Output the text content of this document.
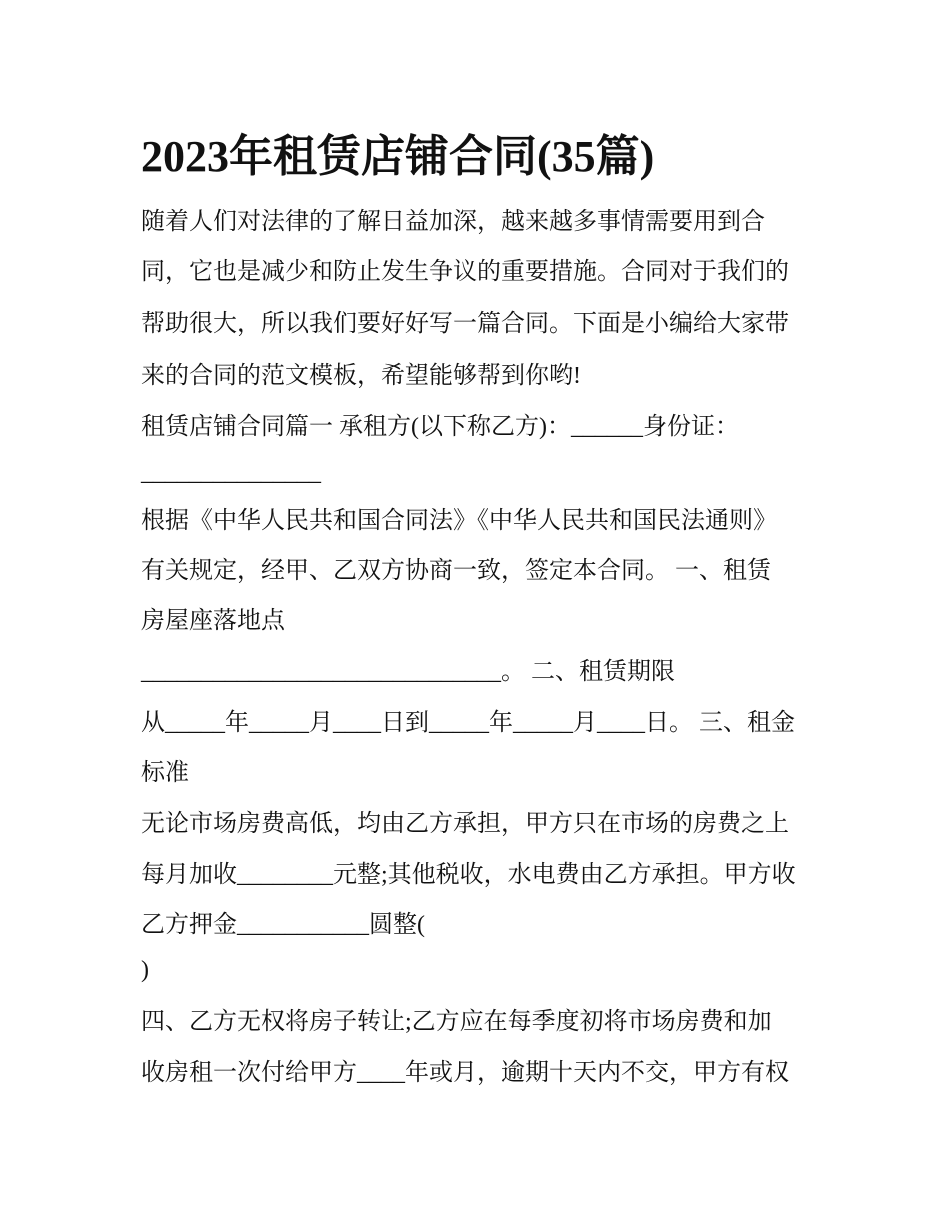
2023年租赁店铺合同(35篇)
随着人们对法律的了解日益加深，越来越多事情需要用到合
同，它也是减少和防止发生争议的重要措施。合同对于我们的
帮助很大，所以我们要好好写一篇合同。下面是小编给大家带
来的合同的范文模板，希望能够帮到你哟!
租赁店铺合同篇一 承租方(以下称乙方)：______身份证：
_______________
根据《中华人民共和国合同法》《中华人民共和国民法通则》
有关规定，经甲、乙双方协商一致，签定本合同。 一、租赁
房屋座落地点
______________________________。 二、租赁期限
从_____年_____月____日到_____年_____月____日。 三、租金
标准
无论市场房费高低，均由乙方承担，甲方只在市场的房费之上
每月加收________元整;其他税收，水电费由乙方承担。甲方收
乙方押金___________圆整(
)
四、乙方无权将房子转让;乙方应在每季度初将市场房费和加
收房租一次付给甲方____年或月，逾期十天内不交，甲方有权
